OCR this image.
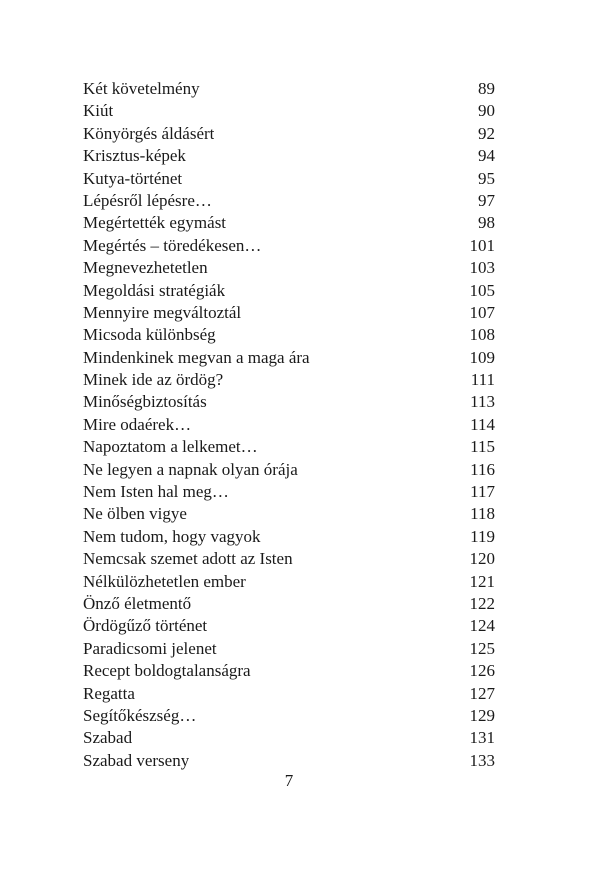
Két követelmény	89
Kiút	90
Könyörgés áldásért	92
Krisztus-képek	94
Kutya-történet	95
Lépésről lépésre…	97
Megértették egymást	98
Megértés – töredékesen…	101
Megnevezhetetlen	103
Megoldási stratégiák	105
Mennyire megváltoztál	107
Micsoda különbség	108
Mindenkinek megvan a maga ára	109
Minek ide az ördög?	111
Minőségbiztosítás	113
Mire odaérek…	114
Napoztatom a lelkemet…	115
Ne legyen a napnak olyan órája	116
Nem Isten hal meg…	117
Ne ölben vigye	118
Nem tudom, hogy vagyok	119
Nemcsak szemet adott az Isten	120
Nélkülözhetetlen ember	121
Önző életmentő	122
Ördögűző történet	124
Paradicsomi jelenet	125
Recept boldogtalanságra	126
Regatta	127
Segítőkészség…	129
Szabad	131
Szabad verseny	133
7
